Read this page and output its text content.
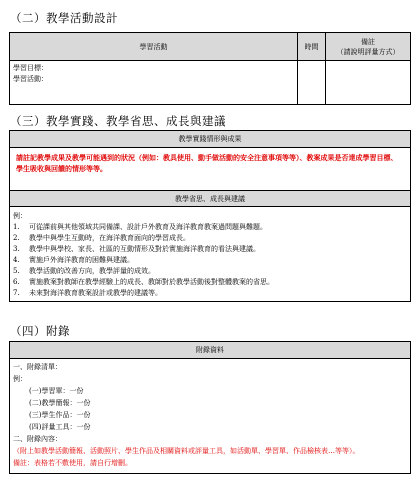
（二）教學活動設計
學習活動	時間	備註
（請說明評量方式）

學習目標：
學習活動：		

（三）教學實踐、教學省思、成長與建議
教學實踐情形與成果
請註記教學成果及教學可能遇到的狀況（例如：教具使用、動手做活動的安全注意事項等等）、教案成果是否達成學習目標、學生吸收與回饋的情形等等。
教學省思、成長與建議

例：
1.	可從課前與其他領域共同備課、設計戶外教育及海洋教育教案過問題與難題。
2.	教學中與學生互動時，在海洋教育面向的學習成長。
3.	教學中與學校、家長、社區的互動情形及對於實施海洋教育的看法與建議。
4.	實施戶外海洋教育的困難與建議。
5.	教學活動的改善方向，教學評量的成效。
6.	實施教案對教師在教學經驗上的成長、教師對於教學活動後對整體教案的省思。
7.	未來對海洋教育教案設計或教學的建議等。
（四）附錄
附錄資料

一、附錄清單：
例：
(一)學習單：一份
(二)教學簡報：一份
(三)學生作品：一份
(四)評量工具：一份
二、附錄內容：
（附上如教學活動簡報、活動照片、學生作品及相關資料或評量工具，如活動單、學習單、作品檢核表…等等）。
備註：表格若不敷使用，請自行增刪。
